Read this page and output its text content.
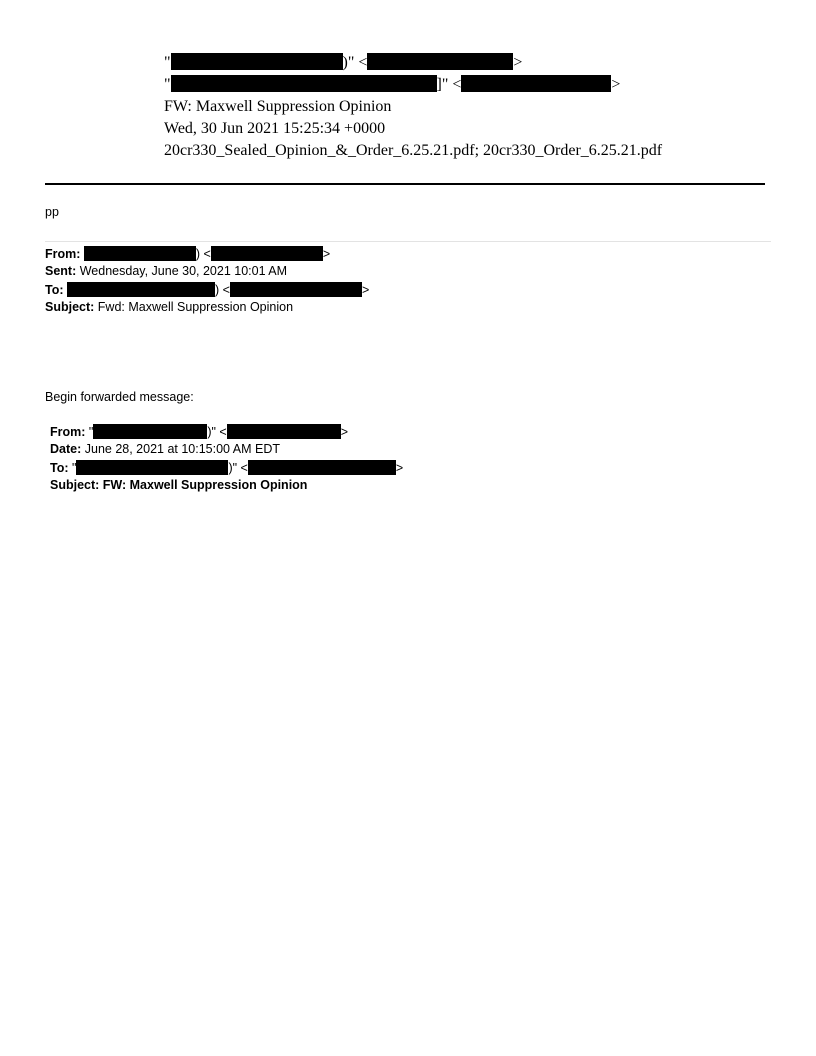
"	)" <	>
"	]" <	>
FW: Maxwell Suppression Opinion
Wed, 30 Jun 2021 15:25:34 +0000
20cr330_Sealed_Opinion_&_Order_6.25.21.pdf; 20cr330_Order_6.25.21.pdf
pp
From:	) <	>
Sent: Wednesday, June 30, 2021 10:01 AM
To:	) <	>
Subject: Fwd: Maxwell Suppression Opinion
Begin forwarded message:
From: "	)" <	>
Date: June 28, 2021 at 10:15:00 AM EDT
To: "	)" <	>
Subject: FW: Maxwell Suppression Opinion
